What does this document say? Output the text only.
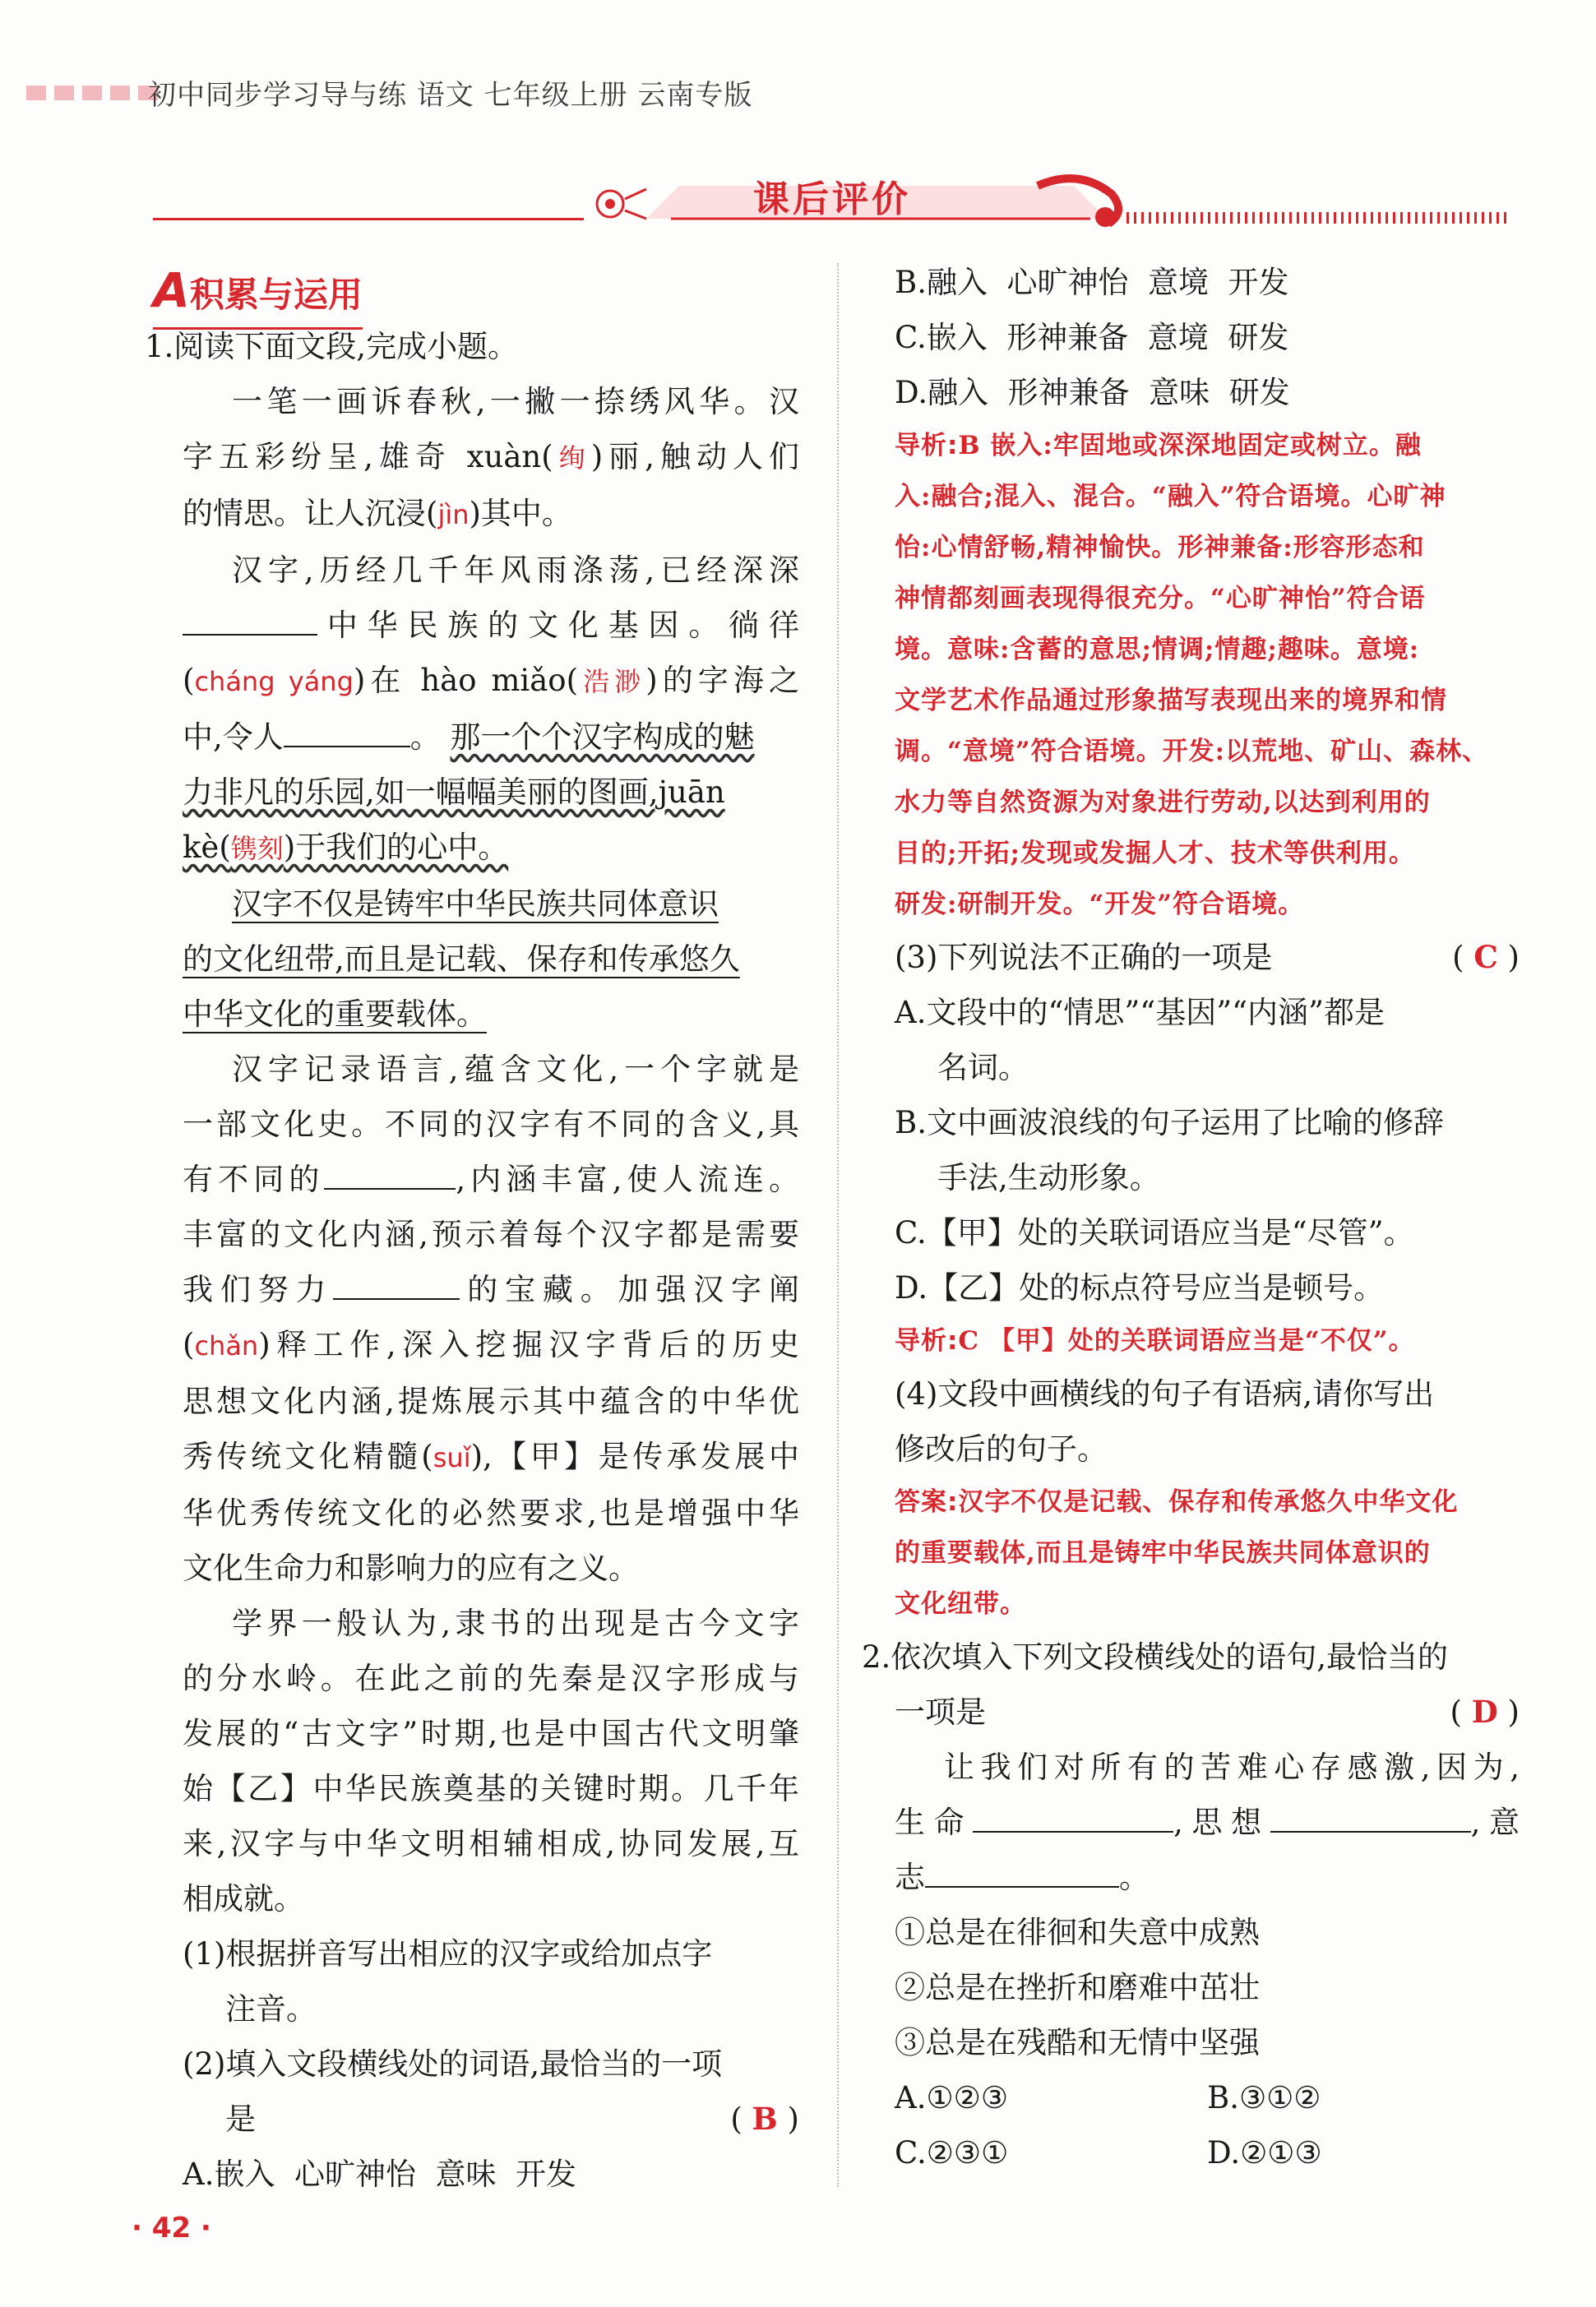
初中同步学习导与练 语文 七年级上册 云南专版
课后评价
A积累与运用
1.阅读下面文段,完成小题。
一笔一画诉春秋,一撇一捺绣风华。汉
字五彩纷呈,雄奇 xuàn(绚)丽,触动人们
的情思。让人沉浸(jìn)其中。
汉字,历经几千年风雨涤荡,已经深深
中华民族的文化基因。徜徉
(cháng yáng)在 hào miǎo(浩渺)的字海之
中,令人	。 那一个个汉字构成的魅
力非凡的乐园,如一幅幅美丽的图画,juān
kè(镌刻)于我们的心中。
汉字不仅是铸牢中华民族共同体意识
的文化纽带,而且是记载、保存和传承悠久
中华文化的重要载体。
汉字记录语言,蕴含文化,一个字就是
一部文化史。不同的汉字有不同的含义,具
有不同的	,内涵丰富,使人流连。
丰富的文化内涵,预示着每个汉字都是需要
我们努力	的宝藏。加强汉字阐
(chǎn)释工作,深入挖掘汉字背后的历史
思想文化内涵,提炼展示其中蕴含的中华优
秀传统文化精髓(suǐ),【甲】是传承发展中
华优秀传统文化的必然要求,也是增强中华
文化生命力和影响力的应有之义。
学界一般认为,隶书的出现是古今文字
的分水岭。在此之前的先秦是汉字形成与
发展的“古文字”时期,也是中国古代文明肇
始【乙】中华民族奠基的关键时期。几千年
来,汉字与中华文明相辅相成,协同发展,互
相成就。
(1)根据拼音写出相应的汉字或给加点字
注音。
(2)填入文段横线处的词语,最恰当的一项
是	( B )
A.嵌入  心旷神怡  意味  开发
B.融入  心旷神怡  意境  开发
C.嵌入  形神兼备  意境  研发
D.融入  形神兼备  意味  研发
导析:B 嵌入:牢固地或深深地固定或树立。融
入:融合;混入、混合。“融入”符合语境。心旷神
怡:心情舒畅,精神愉快。形神兼备:形容形态和
神情都刻画表现得很充分。“心旷神怡”符合语
境。意味:含蓄的意思;情调;情趣;趣味。意境:
文学艺术作品通过形象描写表现出来的境界和情
调。“意境”符合语境。开发:以荒地、矿山、森林、
水力等自然资源为对象进行劳动,以达到利用的
目的;开拓;发现或发掘人才、技术等供利用。
研发:研制开发。“开发”符合语境。
(3)下列说法不正确的一项是	( C )
A.文段中的“情思”“基因”“内涵”都是
名词。
B.文中画波浪线的句子运用了比喻的修辞
手法,生动形象。
C.【甲】处的关联词语应当是“尽管”。
D.【乙】处的标点符号应当是顿号。
导析:C 【甲】处的关联词语应当是“不仅”。
(4)文段中画横线的句子有语病,请你写出
修改后的句子。
答案:汉字不仅是记载、保存和传承悠久中华文化
的重要载体,而且是铸牢中华民族共同体意识的
文化纽带。
2.依次填入下列文段横线处的语句,最恰当的
一项是	( D )
让我们对所有的苦难心存感激,因为,
生命	,思想	,意
志	。
①总是在徘徊和失意中成熟
②总是在挫折和磨难中茁壮
③总是在残酷和无情中坚强
A.①②③	B.③①②
C.②③①	D.②①③
· 42 ·
